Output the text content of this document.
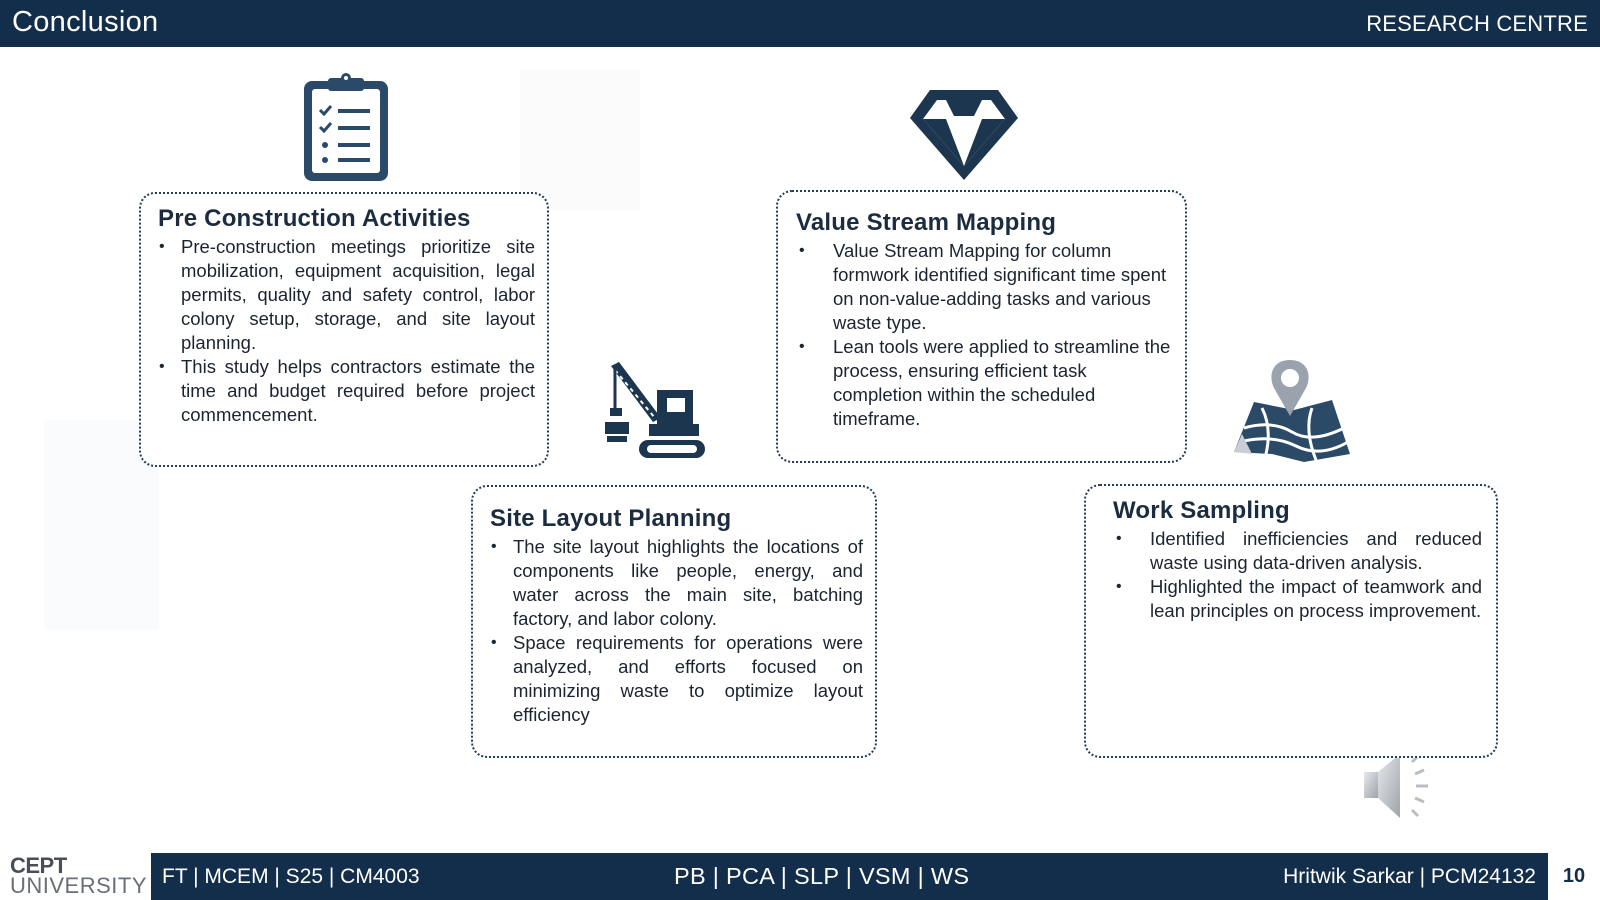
Conclusion	RESEARCH CENTRE
Pre Construction Activities
• Pre-construction meetings prioritize site mobilization, equipment acquisition, legal permits, quality and safety control, labor colony setup, storage, and site layout planning.
• This study helps contractors estimate the time and budget required before project commencement.
Value Stream Mapping
• Value Stream Mapping for column formwork identified significant time spent on non-value-adding tasks and various waste type.
• Lean tools were applied to streamline the process, ensuring efficient task completion within the scheduled timeframe.
Site Layout Planning
• The site layout highlights the locations of components like people, energy, and water across the main site, batching factory, and labor colony.
• Space requirements for operations were analyzed, and efforts focused on minimizing waste to optimize layout efficiency
Work Sampling
• Identified inefficiencies and reduced waste using data-driven analysis.
• Highlighted the impact of teamwork and lean principles on process improvement.
CEPT
UNIVERSITY FT | MCEM | S25 | CM4003	PB | PCA | SLP | VSM | WS	Hritwik Sarkar | PCM24132	10
